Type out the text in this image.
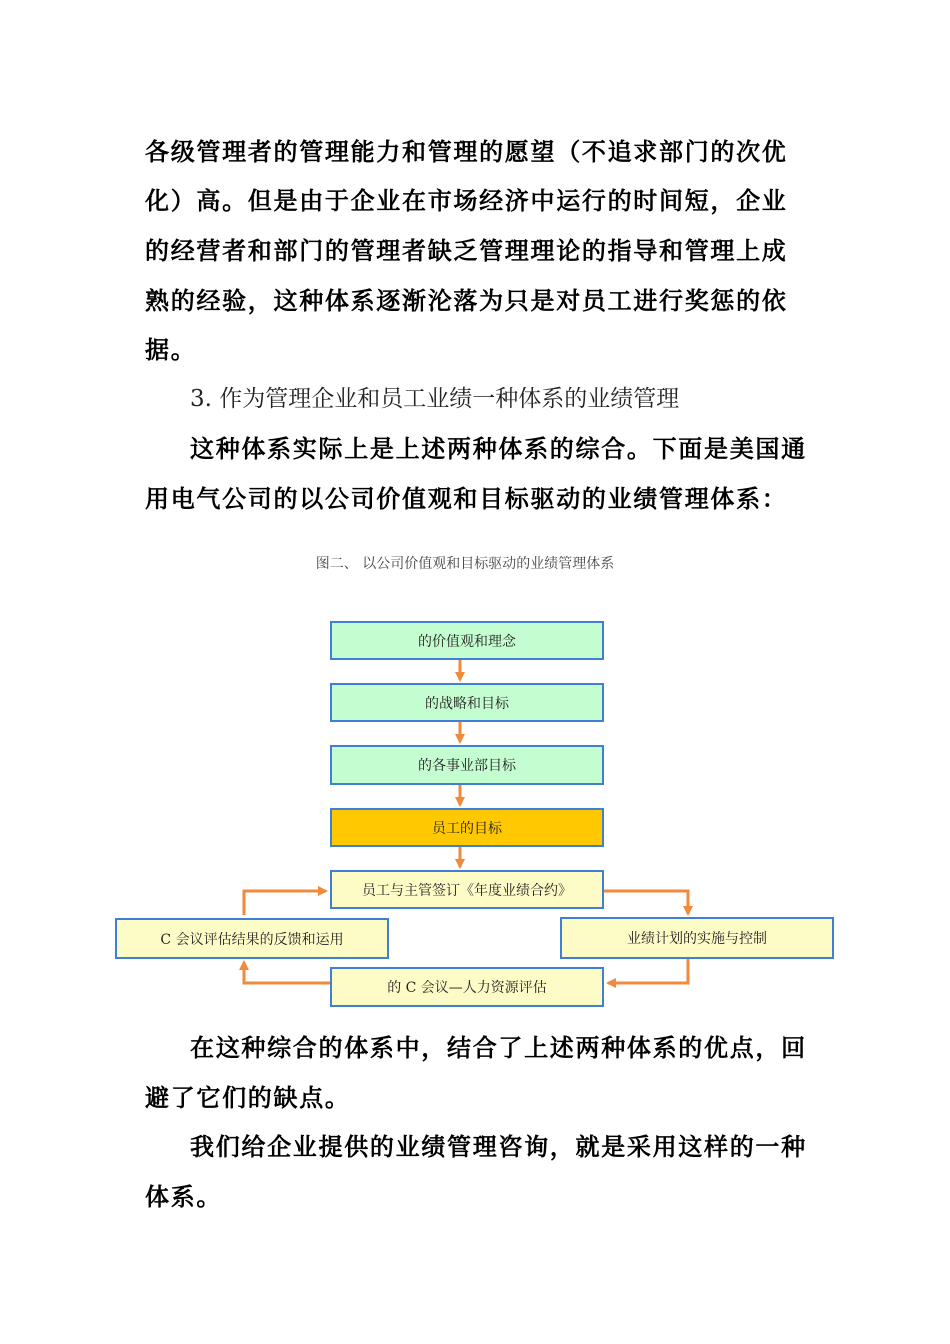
各级管理者的管理能力和管理的愿望（不追求部门的次优
化）高。但是由于企业在市场经济中运行的时间短，企业
的经营者和部门的管理者缺乏管理理论的指导和管理上成
熟的经验，这种体系逐渐沦落为只是对员工进行奖惩的依
据。
3. 作为管理企业和员工业绩一种体系的业绩管理
这种体系实际上是上述两种体系的综合。下面是美国通
用电气公司的以公司价值观和目标驱动的业绩管理体系：
图二、 以公司价值观和目标驱动的业绩管理体系
的价值观和理念
的战略和目标
的各事业部目标
员工的目标
员工与主管签订《年度业绩合约》
业绩计划的实施与控制
的 C 会议—人力资源评估
C 会议评估结果的反馈和运用
在这种综合的体系中，结合了上述两种体系的优点，回
避了它们的缺点。
我们给企业提供的业绩管理咨询，就是采用这样的一种
体系。
